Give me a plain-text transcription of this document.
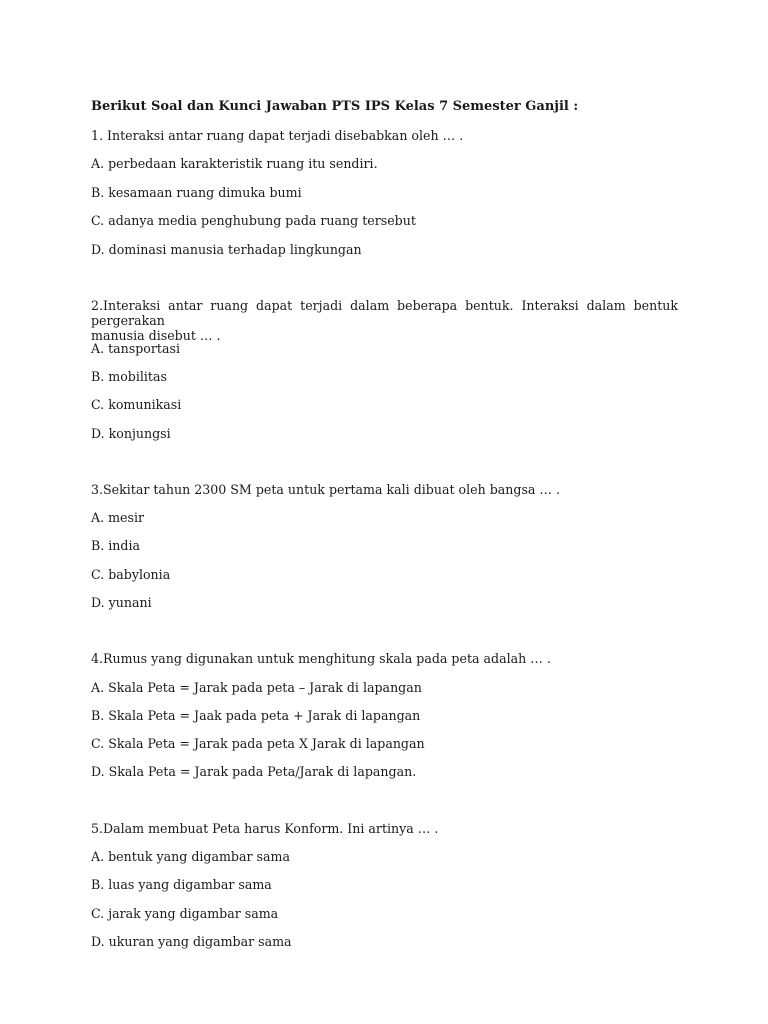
Berikut Soal dan Kunci Jawaban PTS IPS Kelas 7 Semester Ganjil :
1. Interaksi antar ruang dapat terjadi disebabkan oleh … .
A. perbedaan karakteristik ruang itu sendiri.
B. kesamaan ruang dimuka bumi
C. adanya media penghubung pada ruang tersebut
D. dominasi manusia terhadap lingkungan
2.Interaksi antar ruang dapat terjadi dalam beberapa bentuk. Interaksi dalam bentuk pergerakan
manusia disebut … .
A. tansportasi
B. mobilitas
C. komunikasi
D. konjungsi
3.Sekitar tahun 2300 SM peta untuk pertama kali dibuat oleh bangsa … .
A. mesir
B. india
C. babylonia
D. yunani
4.Rumus yang digunakan untuk menghitung skala pada peta adalah … .
A. Skala Peta = Jarak pada peta – Jarak di lapangan
B. Skala Peta = Jaak pada peta + Jarak di lapangan
C. Skala Peta = Jarak pada peta X Jarak di lapangan
D. Skala Peta = Jarak pada Peta/Jarak di lapangan.
5.Dalam membuat Peta harus Konform. Ini artinya … .
A. bentuk yang digambar sama
B. luas yang digambar sama
C. jarak yang digambar sama
D. ukuran yang digambar sama
